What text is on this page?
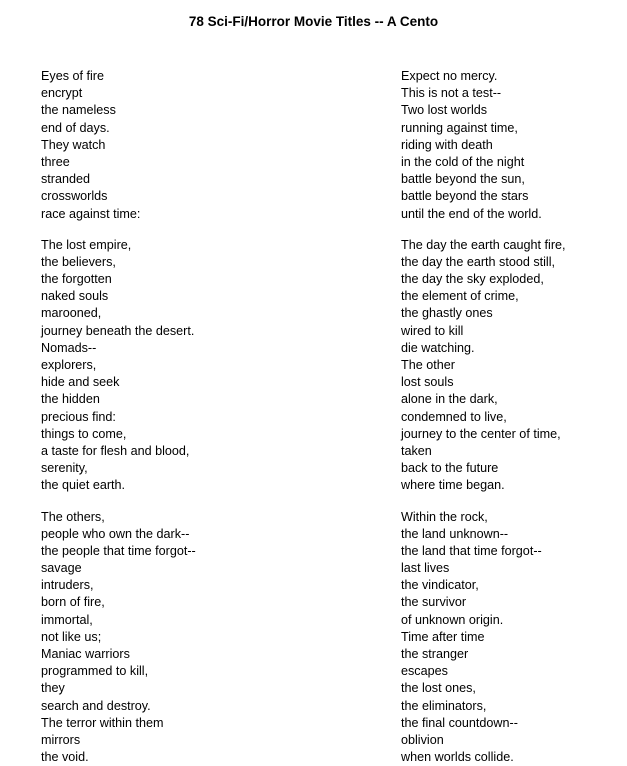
78 Sci-Fi/Horror Movie Titles -- A Cento
Eyes of fire
encrypt
the nameless
end of days.
They watch
three
stranded
crossworlds
race against time:
The lost empire,
the believers,
the forgotten
naked souls
marooned,
journey beneath the desert.
Nomads--
explorers,
hide and seek
the hidden
precious find:
things to come,
a taste for flesh and blood,
serenity,
the quiet earth.
The others,
people who own the dark--
the people that time forgot--
savage
intruders,
born of fire,
immortal,
not like us;
Maniac warriors
programmed to kill,
they
search and destroy.
The terror within them
mirrors
the void.
Expect no mercy.
This is not a test--
Two lost worlds
running against time,
riding with death
in the cold of the night
battle beyond the sun,
battle beyond the stars
until the end of the world.
The day the earth caught fire,
the day the earth stood still,
the day the sky exploded,
the element of crime,
the ghastly ones
wired to kill
die watching.
The other
lost souls
alone in the dark,
condemned to live,
journey to the center of time,
taken
back to the future
where time began.
Within the rock,
the land unknown--
the land that time forgot--
last lives
the vindicator,
the survivor
of unknown origin.
Time after time
the stranger
escapes
the lost ones,
the eliminators,
the final countdown--
oblivion
when worlds collide.
